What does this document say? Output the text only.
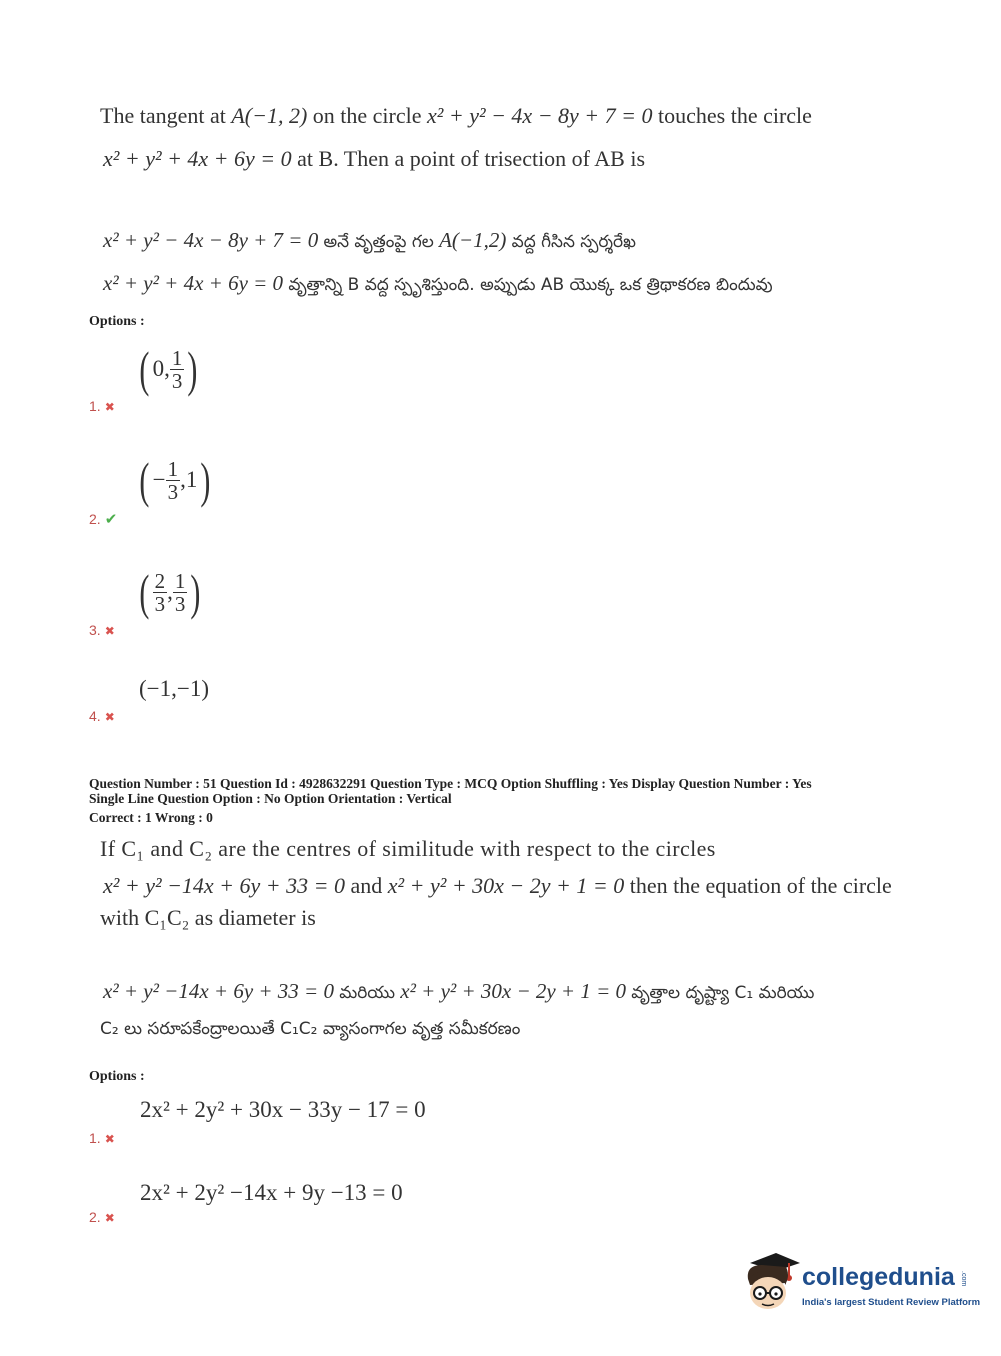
The tangent at A(−1, 2) on the circle x² + y² − 4x − 8y + 7 = 0 touches the circle
x² + y² + 4x + 6y = 0 at B. Then a point of trisection of AB is
x² + y² − 4x − 8y + 7 = 0 అనే వృత్తంపై గల A(−1,2) వద్ద గీసిన స్పర్శరేఖ
x² + y² + 4x + 6y = 0 వృత్తాన్ని B వద్ద స్పృశిస్తుంది. అప్పుడు AB యొక్క ఒక త్రిథాకరణ బిందువు
Options :
( 0, $\frac{1}{3}$ )
1. ✖
( − $\frac{1}{3} ,1$)
2. ✔
( $\frac{2}{3}$ , $\frac{1}{3}$ )
3. ✖
(−1,−1)
4. ✖
Question Number : 51 Question Id : 4928632291 Question Type : MCQ Option Shuffling : Yes Display Question Number : Yes
Single Line Question Option : No Option Orientation : Vertical
Correct : 1 Wrong : 0
If C₁ and C₂ are the centres of similitude with respect to the circles
x² + y² −14x + 6y + 33 = 0 and x² + y² + 30x − 2y + 1 = 0 then the equation of the circle
with C₁C₂ as diameter is
x² + y² −14x + 6y + 33 = 0 మరియు x² + y² + 30x − 2y + 1 = 0 వృత్తాల దృష్ట్యా C₁ మరియు
C₂ లు సరూపకేంద్రాలయితే C₁C₂ వ్యాసంగాగల వృత్త సమీకరణం
Options :
2x² + 2y² + 30x − 33y − 17 = 0
1. ✖
2x² + 2y² −14x + 9y −13 = 0
2. ✖
collegedunia .com
India's largest Student Review Platform
